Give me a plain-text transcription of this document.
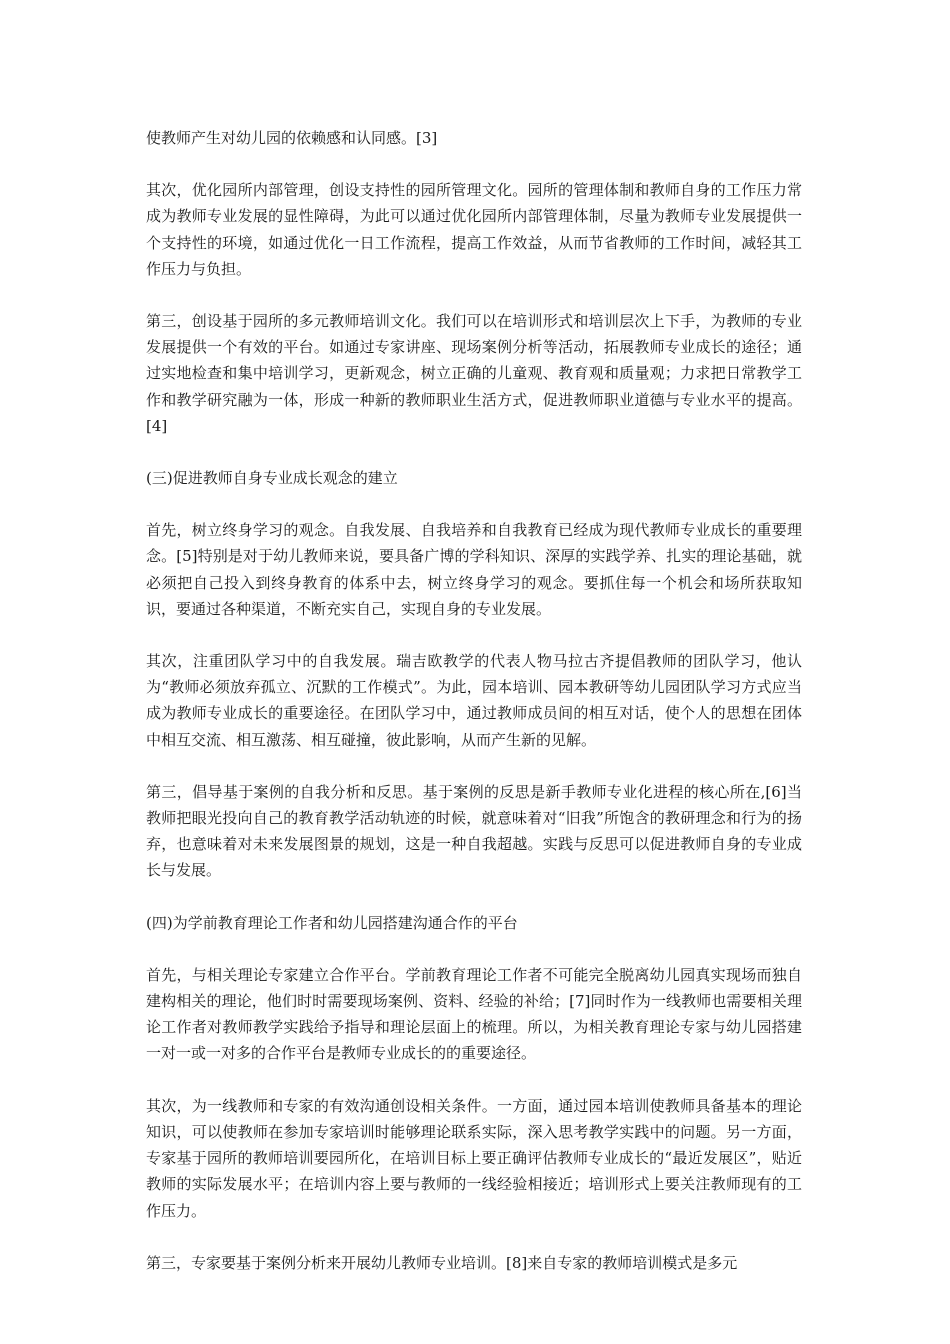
使教师产生对幼儿园的依赖感和认同感。[3]

其次，优化园所内部管理，创设支持性的园所管理文化。园所的管理体制和教师自身的工作压力常成为教师专业发展的显性障碍，为此可以通过优化园所内部管理体制，尽量为教师专业发展提供一个支持性的环境，如通过优化一日工作流程，提高工作效益，从而节省教师的工作时间，减轻其工作压力与负担。

第三，创设基于园所的多元教师培训文化。我们可以在培训形式和培训层次上下手，为教师的专业发展提供一个有效的平台。如通过专家讲座、现场案例分析等活动，拓展教师专业成长的途径；通过实地检查和集中培训学习，更新观念，树立正确的儿童观、教育观和质量观；力求把日常教学工作和教学研究融为一体，形成一种新的教师职业生活方式，促进教师职业道德与专业水平的提高。[4]

(三)促进教师自身专业成长观念的建立

首先，树立终身学习的观念。自我发展、自我培养和自我教育已经成为现代教师专业成长的重要理念。[5]特别是对于幼儿教师来说，要具备广博的学科知识、深厚的实践学养、扎实的理论基础，就必须把自己投入到终身教育的体系中去，树立终身学习的观念。要抓住每一个机会和场所获取知识，要通过各种渠道，不断充实自己，实现自身的专业发展。

其次，注重团队学习中的自我发展。瑞吉欧教学的代表人物马拉古齐提倡教师的团队学习，他认为“教师必须放弃孤立、沉默的工作模式”。为此，园本培训、园本教研等幼儿园团队学习方式应当成为教师专业成长的重要途径。在团队学习中，通过教师成员间的相互对话，使个人的思想在团体中相互交流、相互激荡、相互碰撞，彼此影响，从而产生新的见解。

第三，倡导基于案例的自我分析和反思。基于案例的反思是新手教师专业化进程的核心所在,[6]当教师把眼光投向自己的教育教学活动轨迹的时候，就意味着对“旧我”所饱含的教研理念和行为的扬弃，也意味着对未来发展图景的规划，这是一种自我超越。实践与反思可以促进教师自身的专业成长与发展。

(四)为学前教育理论工作者和幼儿园搭建沟通合作的平台

首先，与相关理论专家建立合作平台。学前教育理论工作者不可能完全脱离幼儿园真实现场而独自建构相关的理论，他们时时需要现场案例、资料、经验的补给；[7]同时作为一线教师也需要相关理论工作者对教师教学实践给予指导和理论层面上的梳理。所以，为相关教育理论专家与幼儿园搭建一对一或一对多的合作平台是教师专业成长的的重要途径。

其次，为一线教师和专家的有效沟通创设相关条件。一方面，通过园本培训使教师具备基本的理论知识，可以使教师在参加专家培训时能够理论联系实际，深入思考教学实践中的问题。另一方面，专家基于园所的教师培训要园所化，在培训目标上要正确评估教师专业成长的“最近发展区”，贴近教师的实际发展水平；在培训内容上要与教师的一线经验相接近；培训形式上要关注教师现有的工作压力。

第三，专家要基于案例分析来开展幼儿教师专业培训。[8]来自专家的教师培训模式是多元
